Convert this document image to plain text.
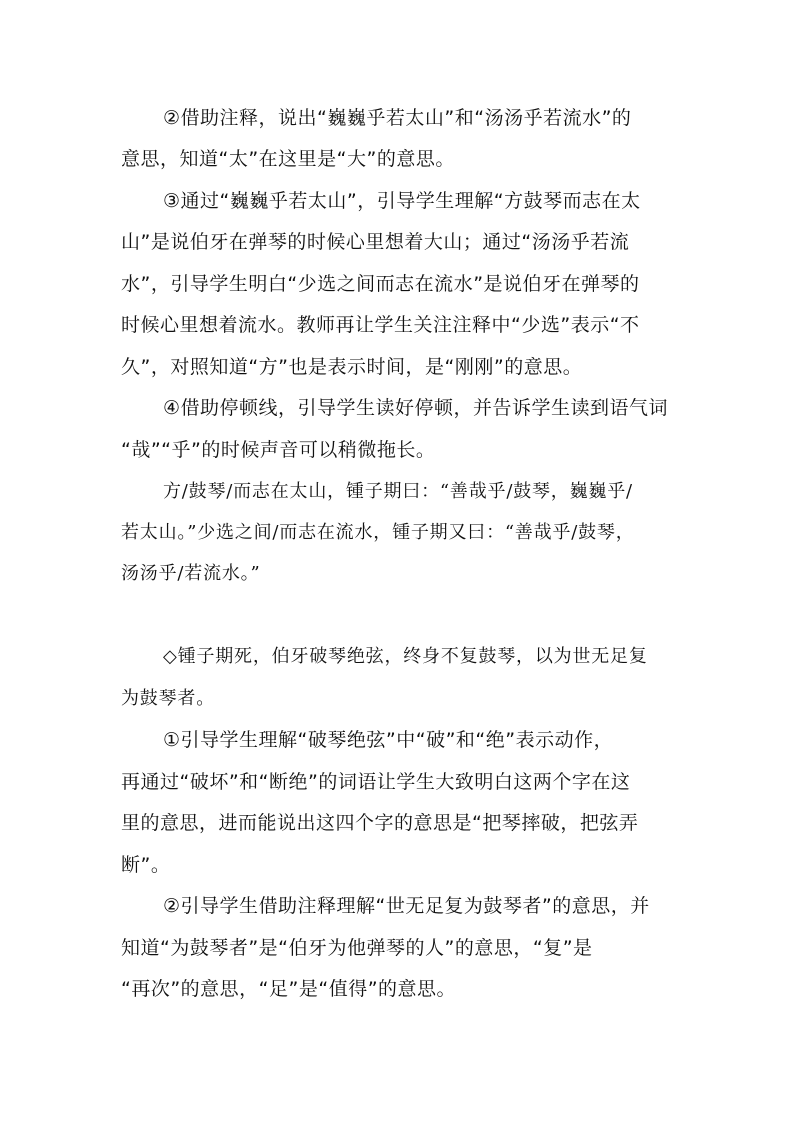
②借助注释，说出“巍巍乎若太山”和“汤汤乎若流水”的
意思，知道“太”在这里是“大”的意思。
③通过“巍巍乎若太山”，引导学生理解“方鼓琴而志在太
山”是说伯牙在弹琴的时候心里想着大山；通过“汤汤乎若流
水”，引导学生明白“少选之间而志在流水”是说伯牙在弹琴的
时候心里想着流水。教师再让学生关注注释中“少选”表示“不
久”，对照知道“方”也是表示时间，是“刚刚”的意思。
④借助停顿线，引导学生读好停顿，并告诉学生读到语气词
“哉”“乎”的时候声音可以稍微拖长。
方/鼓琴/而志在太山，锺子期曰：“善哉乎/鼓琴，巍巍乎/
若太山。”少选之间/而志在流水，锺子期又曰：“善哉乎/鼓琴，
汤汤乎/若流水。”
◇锺子期死，伯牙破琴绝弦，终身不复鼓琴，以为世无足复
为鼓琴者。
①引导学生理解“破琴绝弦”中“破”和“绝”表示动作，
再通过“破坏”和“断绝”的词语让学生大致明白这两个字在这
里的意思，进而能说出这四个字的意思是“把琴摔破，把弦弄
断”。
②引导学生借助注释理解“世无足复为鼓琴者”的意思，并
知道“为鼓琴者”是“伯牙为他弹琴的人”的意思，“复”是
“再次”的意思，“足”是“值得”的意思。
